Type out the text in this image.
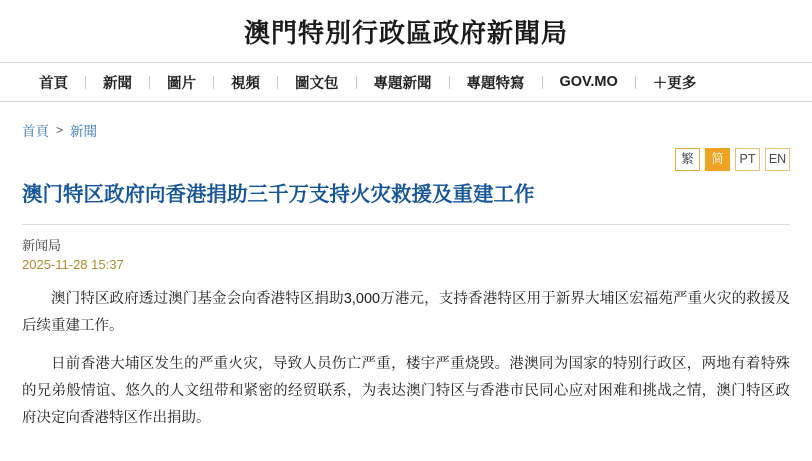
澳門特別行政區政府新聞局
首頁	新聞	圖片	視頻	圖文包	專題新聞	專題特寫	GOV.MO	＋更多
首頁 > 新聞
繁	简	PT	EN
澳门特区政府向香港捐助三千万支持火灾救援及重建工作
新闻局
2025-11-28 15:37

澳门特区政府透过澳门基金会向香港特区捐助3,000万港元，支持香港特区用于新界大埔区宏福苑严重火灾的救援及后续重建工作。

日前香港大埔区发生的严重火灾，导致人员伤亡严重，楼宇严重烧毁。港澳同为国家的特别行政区，两地有着特殊的兄弟般情谊、悠久的人文纽带和紧密的经贸联系，为表达澳门特区与香港市民同心应对困难和挑战之情，澳门特区政府决定向香港特区作出捐助。
